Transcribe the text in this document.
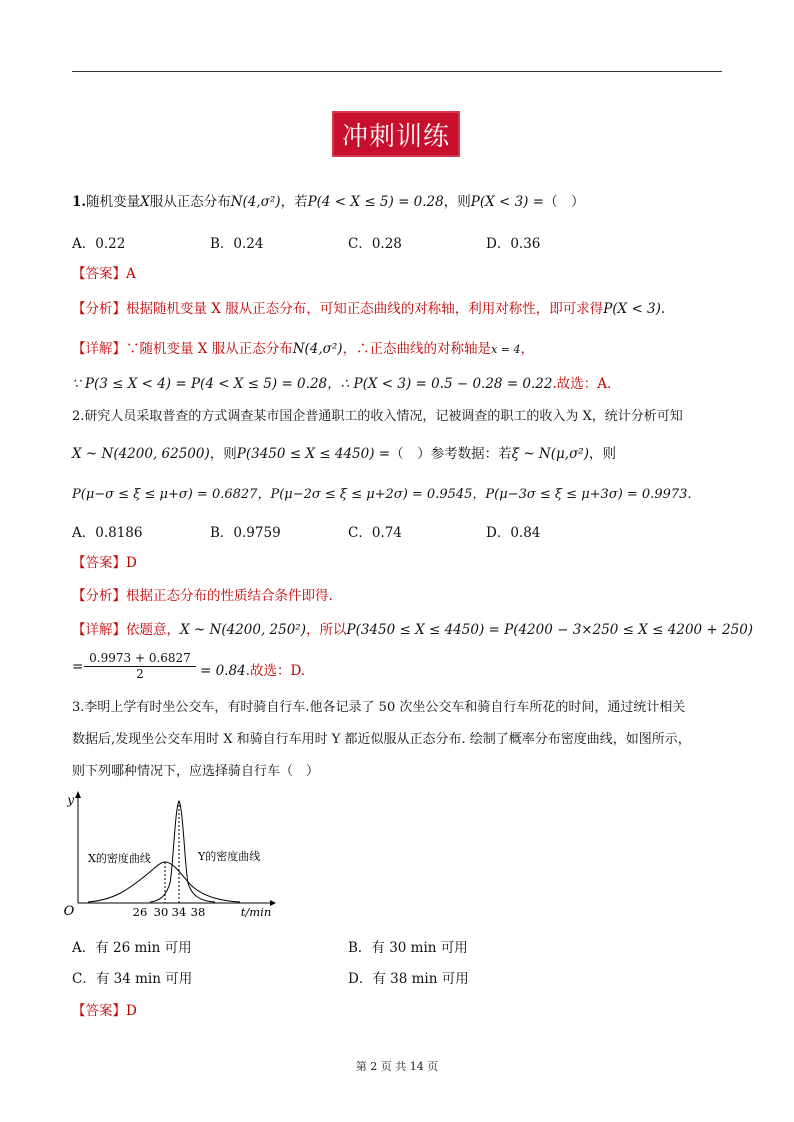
冲刺训练
1.随机变量X服从正态分布N(4,σ²)，若P(4 < X ≤ 5) = 0.28，则P(X < 3) =（　）
A．0.22	B．0.24	C．0.28	D．0.36
【答案】A
【分析】根据随机变量 X 服从正态分布，可知正态曲线的对称轴，利用对称性，即可求得P(X < 3).
【详解】∵随机变量 X 服从正态分布N(4,σ²)，∴正态曲线的对称轴是x = 4，
∵ P(3 ≤ X < 4) = P(4 < X ≤ 5) = 0.28，∴ P(X < 3) = 0.5 − 0.28 = 0.22.故选：A.
2.研究人员采取普查的方式调查某市国企普通职工的收入情况，记被调查的职工的收入为 X，统计分析可知
X ~ N(4200, 62500)，则P(3450 ≤ X ≤ 4450) =（　）参考数据：若ξ ~ N(μ,σ²)，则
P(μ−σ ≤ ξ ≤ μ+σ) = 0.6827，P(μ−2σ ≤ ξ ≤ μ+2σ) = 0.9545，P(μ−3σ ≤ ξ ≤ μ+3σ) = 0.9973.
A．0.8186	B．0.9759	C．0.74	D．0.84
【答案】D
【分析】根据正态分布的性质结合条件即得.
【详解】依题意，X ~ N(4200, 250²)，所以P(3450 ≤ X ≤ 4450) = P(4200 − 3×250 ≤ X ≤ 4200 + 250)
= $\frac{0.9973 + 0.6827}{2} = 0.84$.故选：D.
3.李明上学有时坐公交车，有时骑自行车.他各记录了 50 次坐公交车和骑自行车所花的时间，通过统计相关
数据后,发现坐公交车用时 X 和骑自行车用时 Y 都近似服从正态分布. 绘制了概率分布密度曲线，如图所示，
则下列哪种情况下，应选择骑自行车（　）
y
O	26 30 34 38	t/min
X的密度曲线	Y的密度曲线
A．有 26 min 可用	B．有 30 min 可用
C．有 34 min 可用	D．有 38 min 可用
【答案】D
第 2 页 共 14 页
